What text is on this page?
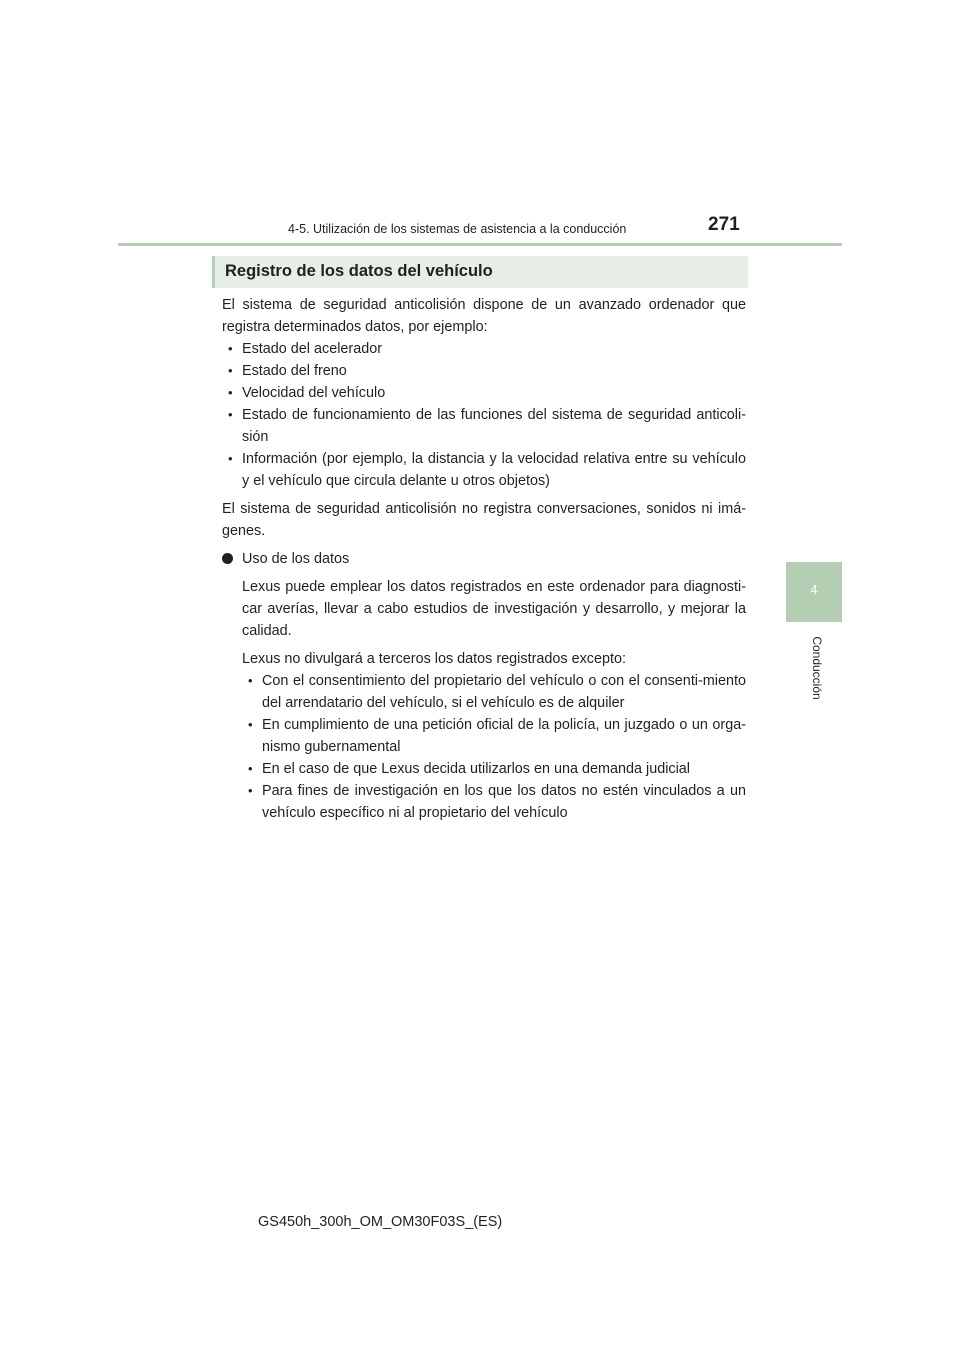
4-5. Utilización de los sistemas de asistencia a la conducción	271
4
Conducción
Registro de los datos del vehículo

El sistema de seguridad anticolisión dispone de un avanzado ordenador que registra determinados datos, por ejemplo:

• Estado del acelerador
• Estado del freno
• Velocidad del vehículo
• Estado de funcionamiento de las funciones del sistema de seguridad anticoli-sión
• Información (por ejemplo, la distancia y la velocidad relativa entre su vehículo y el vehículo que circula delante u otros objetos)

El sistema de seguridad anticolisión no registra conversaciones, sonidos ni imá-genes.

Uso de los datos

Lexus puede emplear los datos registrados en este ordenador para diagnosti-car averías, llevar a cabo estudios de investigación y desarrollo, y mejorar la calidad.

Lexus no divulgará a terceros los datos registrados excepto:

• Con el consentimiento del propietario del vehículo o con el consenti-miento del arrendatario del vehículo, si el vehículo es de alquiler
• En cumplimiento de una petición oficial de la policía, un juzgado o un orga-nismo gubernamental
• En el caso de que Lexus decida utilizarlos en una demanda judicial
• Para fines de investigación en los que los datos no estén vinculados a un vehículo específico ni al propietario del vehículo
GS450h_300h_OM_OM30F03S_(ES)
